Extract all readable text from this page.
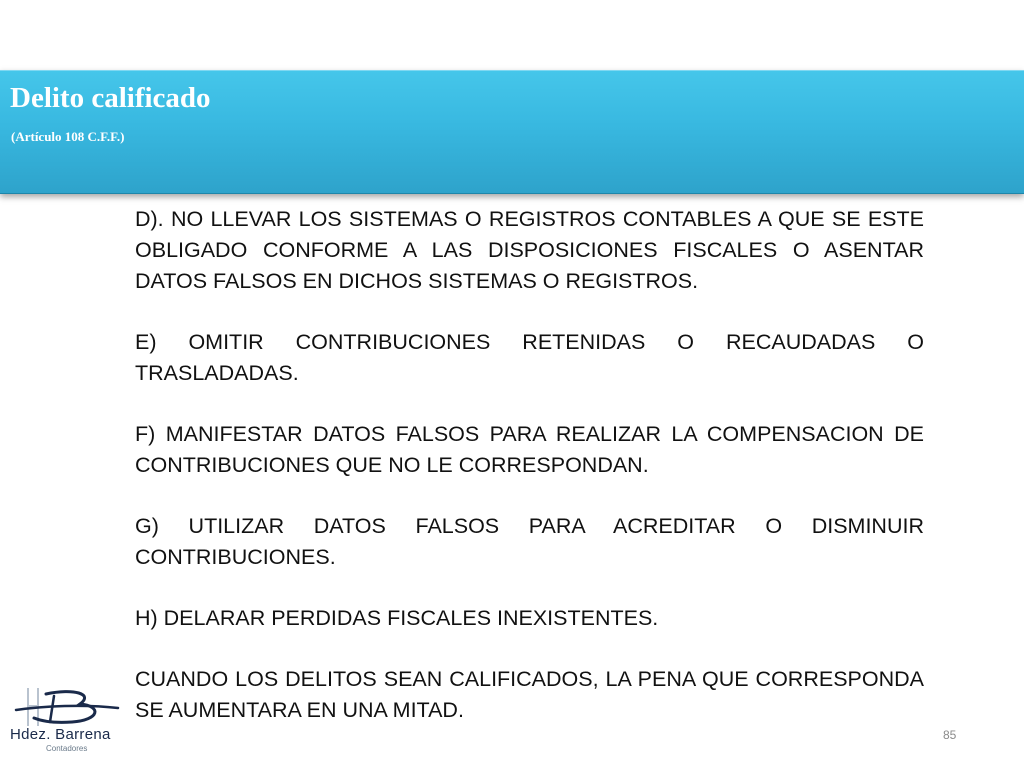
Delito calificado

(Artículo 108 C.F.F.)

D). NO LLEVAR LOS SISTEMAS O REGISTROS CONTABLES A QUE SE ESTE OBLIGADO CONFORME A LAS DISPOSICIONES FISCALES O ASENTAR DATOS FALSOS EN DICHOS SISTEMAS O REGISTROS.

E) OMITIR CONTRIBUCIONES RETENIDAS O RECAUDADAS O TRASLADADAS.

F) MANIFESTAR DATOS FALSOS PARA REALIZAR LA COMPENSACION DE CONTRIBUCIONES QUE NO LE CORRESPONDAN.

G) UTILIZAR DATOS FALSOS PARA ACREDITAR O DISMINUIR CONTRIBUCIONES.

H) DELARAR PERDIDAS FISCALES INEXISTENTES.

CUANDO LOS DELITOS SEAN CALIFICADOS, LA PENA QUE CORRESPONDA SE AUMENTARA EN UNA MITAD.

Hdez. Barrena
Contadores
85
